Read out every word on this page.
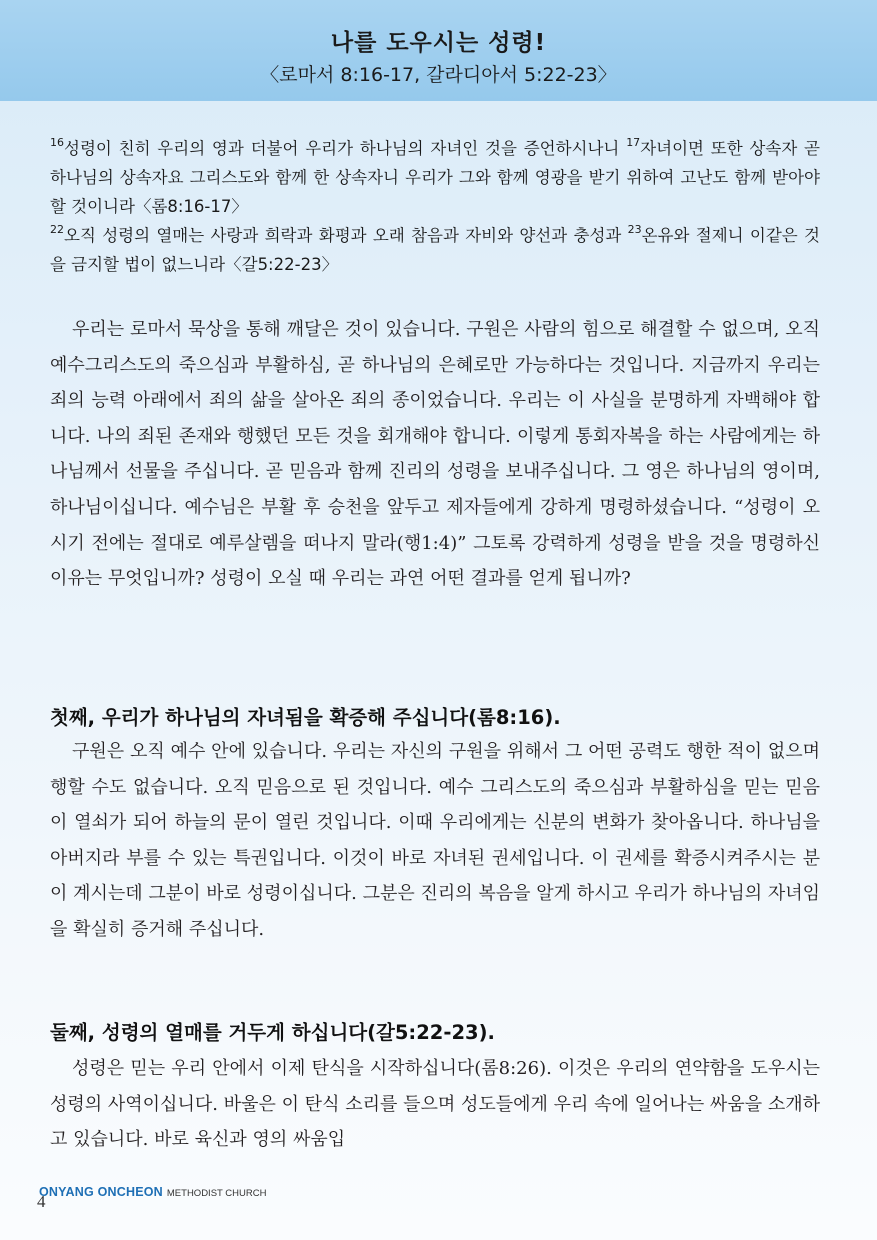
나를 도우시는 성령!
〈로마서 8:16-17, 갈라디아서 5:22-23〉
$^{16}$성령이 친히 우리의 영과 더불어 우리가 하나님의 자녀인 것을 증언하시나니 $^{17}$자녀이면 또한 상속자 곧 하나님의 상속자요 그리스도와 함께 한 상속자니 우리가 그와 함께 영광을 받기 위하여 고난도 함께 받아야 할 것이니라〈롬8:16-17〉
$^{22}$오직 성령의 열매는 사랑과 희락과 화평과 오래 참음과 자비와 양선과 충성과 $^{23}$온유와 절제니 이같은 것을 금지할 법이 없느니라〈갈5:22-23〉

우리는 로마서 묵상을 통해 깨달은 것이 있습니다. 구원은 사람의 힘으로 해결할 수 없으며, 오직 예수그리스도의 죽으심과 부활하심, 곧 하나님의 은혜로만 가능하다는 것입니다. 지금까지 우리는 죄의 능력 아래에서 죄의 삶을 살아온 죄의 종이었습니다. 우리는 이 사실을 분명하게 자백해야 합니다. 나의 죄된 존재와 행했던 모든 것을 회개해야 합니다. 이렇게 통회자복을 하는 사람에게는 하나님께서 선물을 주십니다. 곧 믿음과 함께 진리의 성령을 보내주십니다. 그 영은 하나님의 영이며, 하나님이십니다. 예수님은 부활 후 승천을 앞두고 제자들에게 강하게 명령하셨습니다. “성령이 오시기 전에는 절대로 예루살렘을 떠나지 말라(행1:4)” 그토록 강력하게 성령을 받을 것을 명령하신 이유는 무엇입니까? 성령이 오실 때 우리는 과연 어떤 결과를 얻게 됩니까?

첫째, 우리가 하나님의 자녀됨을 확증해 주십니다(롬8:16).

구원은 오직 예수 안에 있습니다. 우리는 자신의 구원을 위해서 그 어떤 공력도 행한 적이 없으며 행할 수도 없습니다. 오직 믿음으로 된 것입니다. 예수 그리스도의 죽으심과 부활하심을 믿는 믿음이 열쇠가 되어 하늘의 문이 열린 것입니다. 이때 우리에게는 신분의 변화가 찾아옵니다. 하나님을 아버지라 부를 수 있는 특권입니다. 이것이 바로 자녀된 권세입니다. 이 권세를 확증시켜주시는 분이 계시는데 그분이 바로 성령이십니다. 그분은 진리의 복음을 알게 하시고 우리가 하나님의 자녀임을 확실히 증거해 주십니다.

둘째, 성령의 열매를 거두게 하십니다(갈5:22-23).

성령은 믿는 우리 안에서 이제 탄식을 시작하십니다(롬8:26). 이것은 우리의 연약함을 도우시는 성령의 사역이십니다. 바울은 이 탄식 소리를 들으며 성도들에게 우리 속에 일어나는 싸움을 소개하고 있습니다. 바로 육신과 영의 싸움입

4
ONYANG ONCHEON METHODIST CHURCH
